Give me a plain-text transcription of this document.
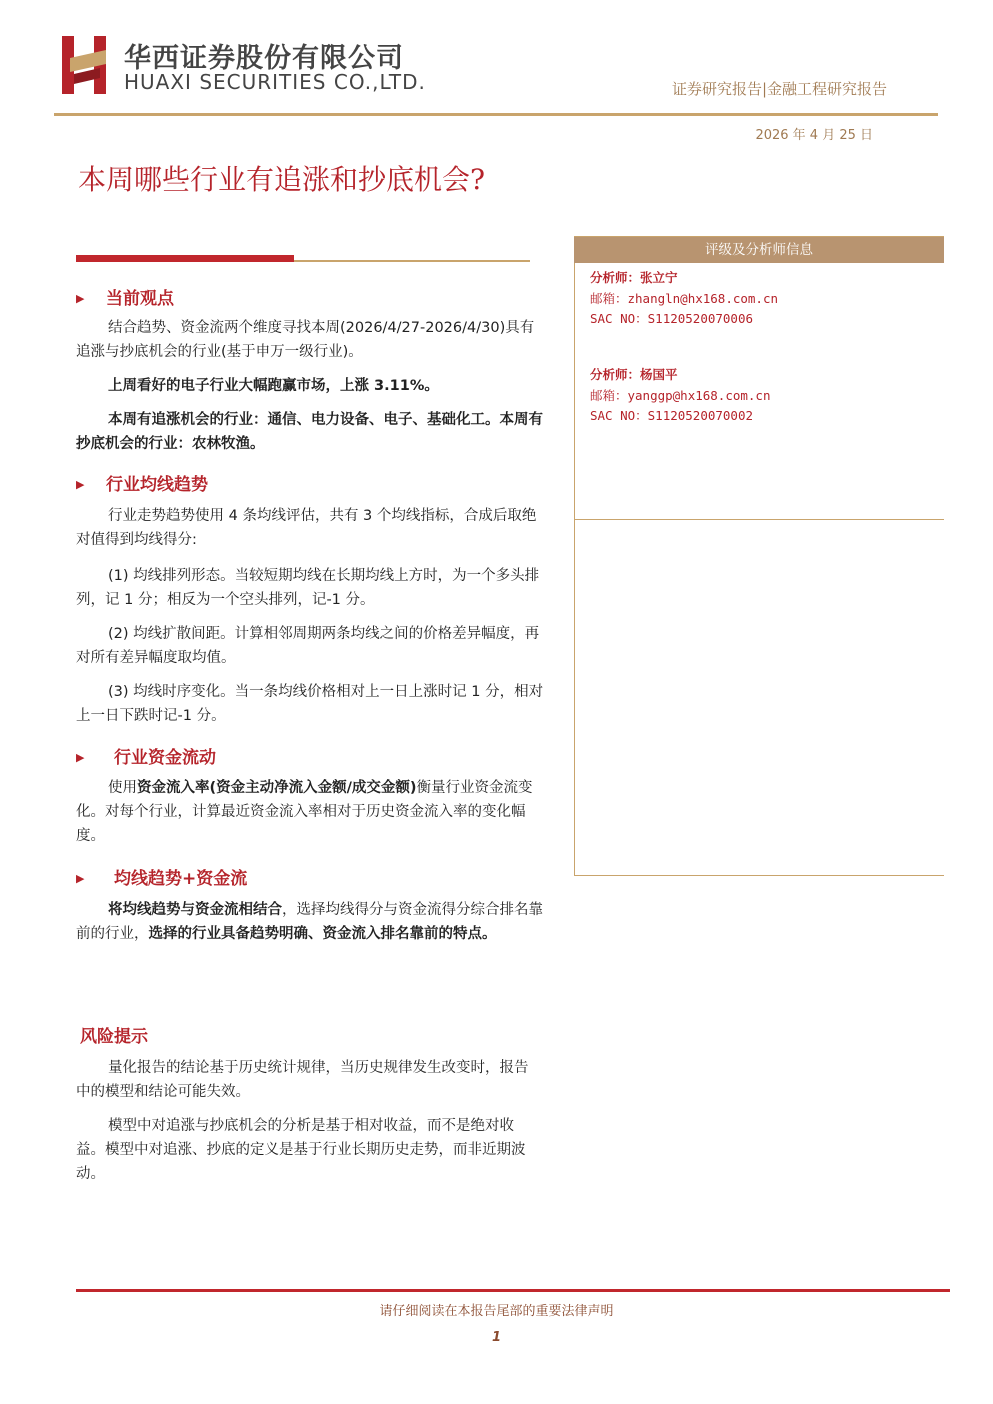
华西证券股份有限公司
HUAXI SECURITIES CO.,LTD.	证券研究报告|金融工程研究报告
2026 年 4 月 25 日
本周哪些行业有追涨和抄底机会?
▶ 当前观点
结合趋势、资金流两个维度寻找本周(2026/4/27-2026/4/30)具有追涨与抄底机会的行业(基于申万一级行业)。
上周看好的电子行业大幅跑赢市场，上涨 3.11%。
本周有追涨机会的行业：通信、电力设备、电子、基础化工。本周有抄底机会的行业：农林牧渔。
▶ 行业均线趋势
行业走势趋势使用 4 条均线评估，共有 3 个均线指标，合成后取绝对值得到均线得分:
(1) 均线排列形态。当较短期均线在长期均线上方时，为一个多头排列，记 1 分；相反为一个空头排列，记-1 分。
(2) 均线扩散间距。计算相邻周期两条均线之间的价格差异幅度，再对所有差异幅度取均值。
(3) 均线时序变化。当一条均线价格相对上一日上涨时记 1 分，相对上一日下跌时记-1 分。
▶ 行业资金流动
使用资金流入率(资金主动净流入金额/成交金额)衡量行业资金流变化。对每个行业，计算最近资金流入率相对于历史资金流入率的变化幅度。
▶ 均线趋势+资金流
将均线趋势与资金流相结合，选择均线得分与资金流得分综合排名靠前的行业，选择的行业具备趋势明确、资金流入排名靠前的特点。
风险提示
量化报告的结论基于历史统计规律，当历史规律发生改变时，报告中的模型和结论可能失效。
模型中对追涨与抄底机会的分析是基于相对收益，而不是绝对收益。模型中对追涨、抄底的定义是基于行业长期历史走势，而非近期波动。
评级及分析师信息
分析师：张立宁
邮箱：zhangln@hx168.com.cn
SAC NO：S1120520070006
分析师：杨国平
邮箱：yanggp@hx168.com.cn
SAC NO：S1120520070002
请仔细阅读在本报告尾部的重要法律声明
1
